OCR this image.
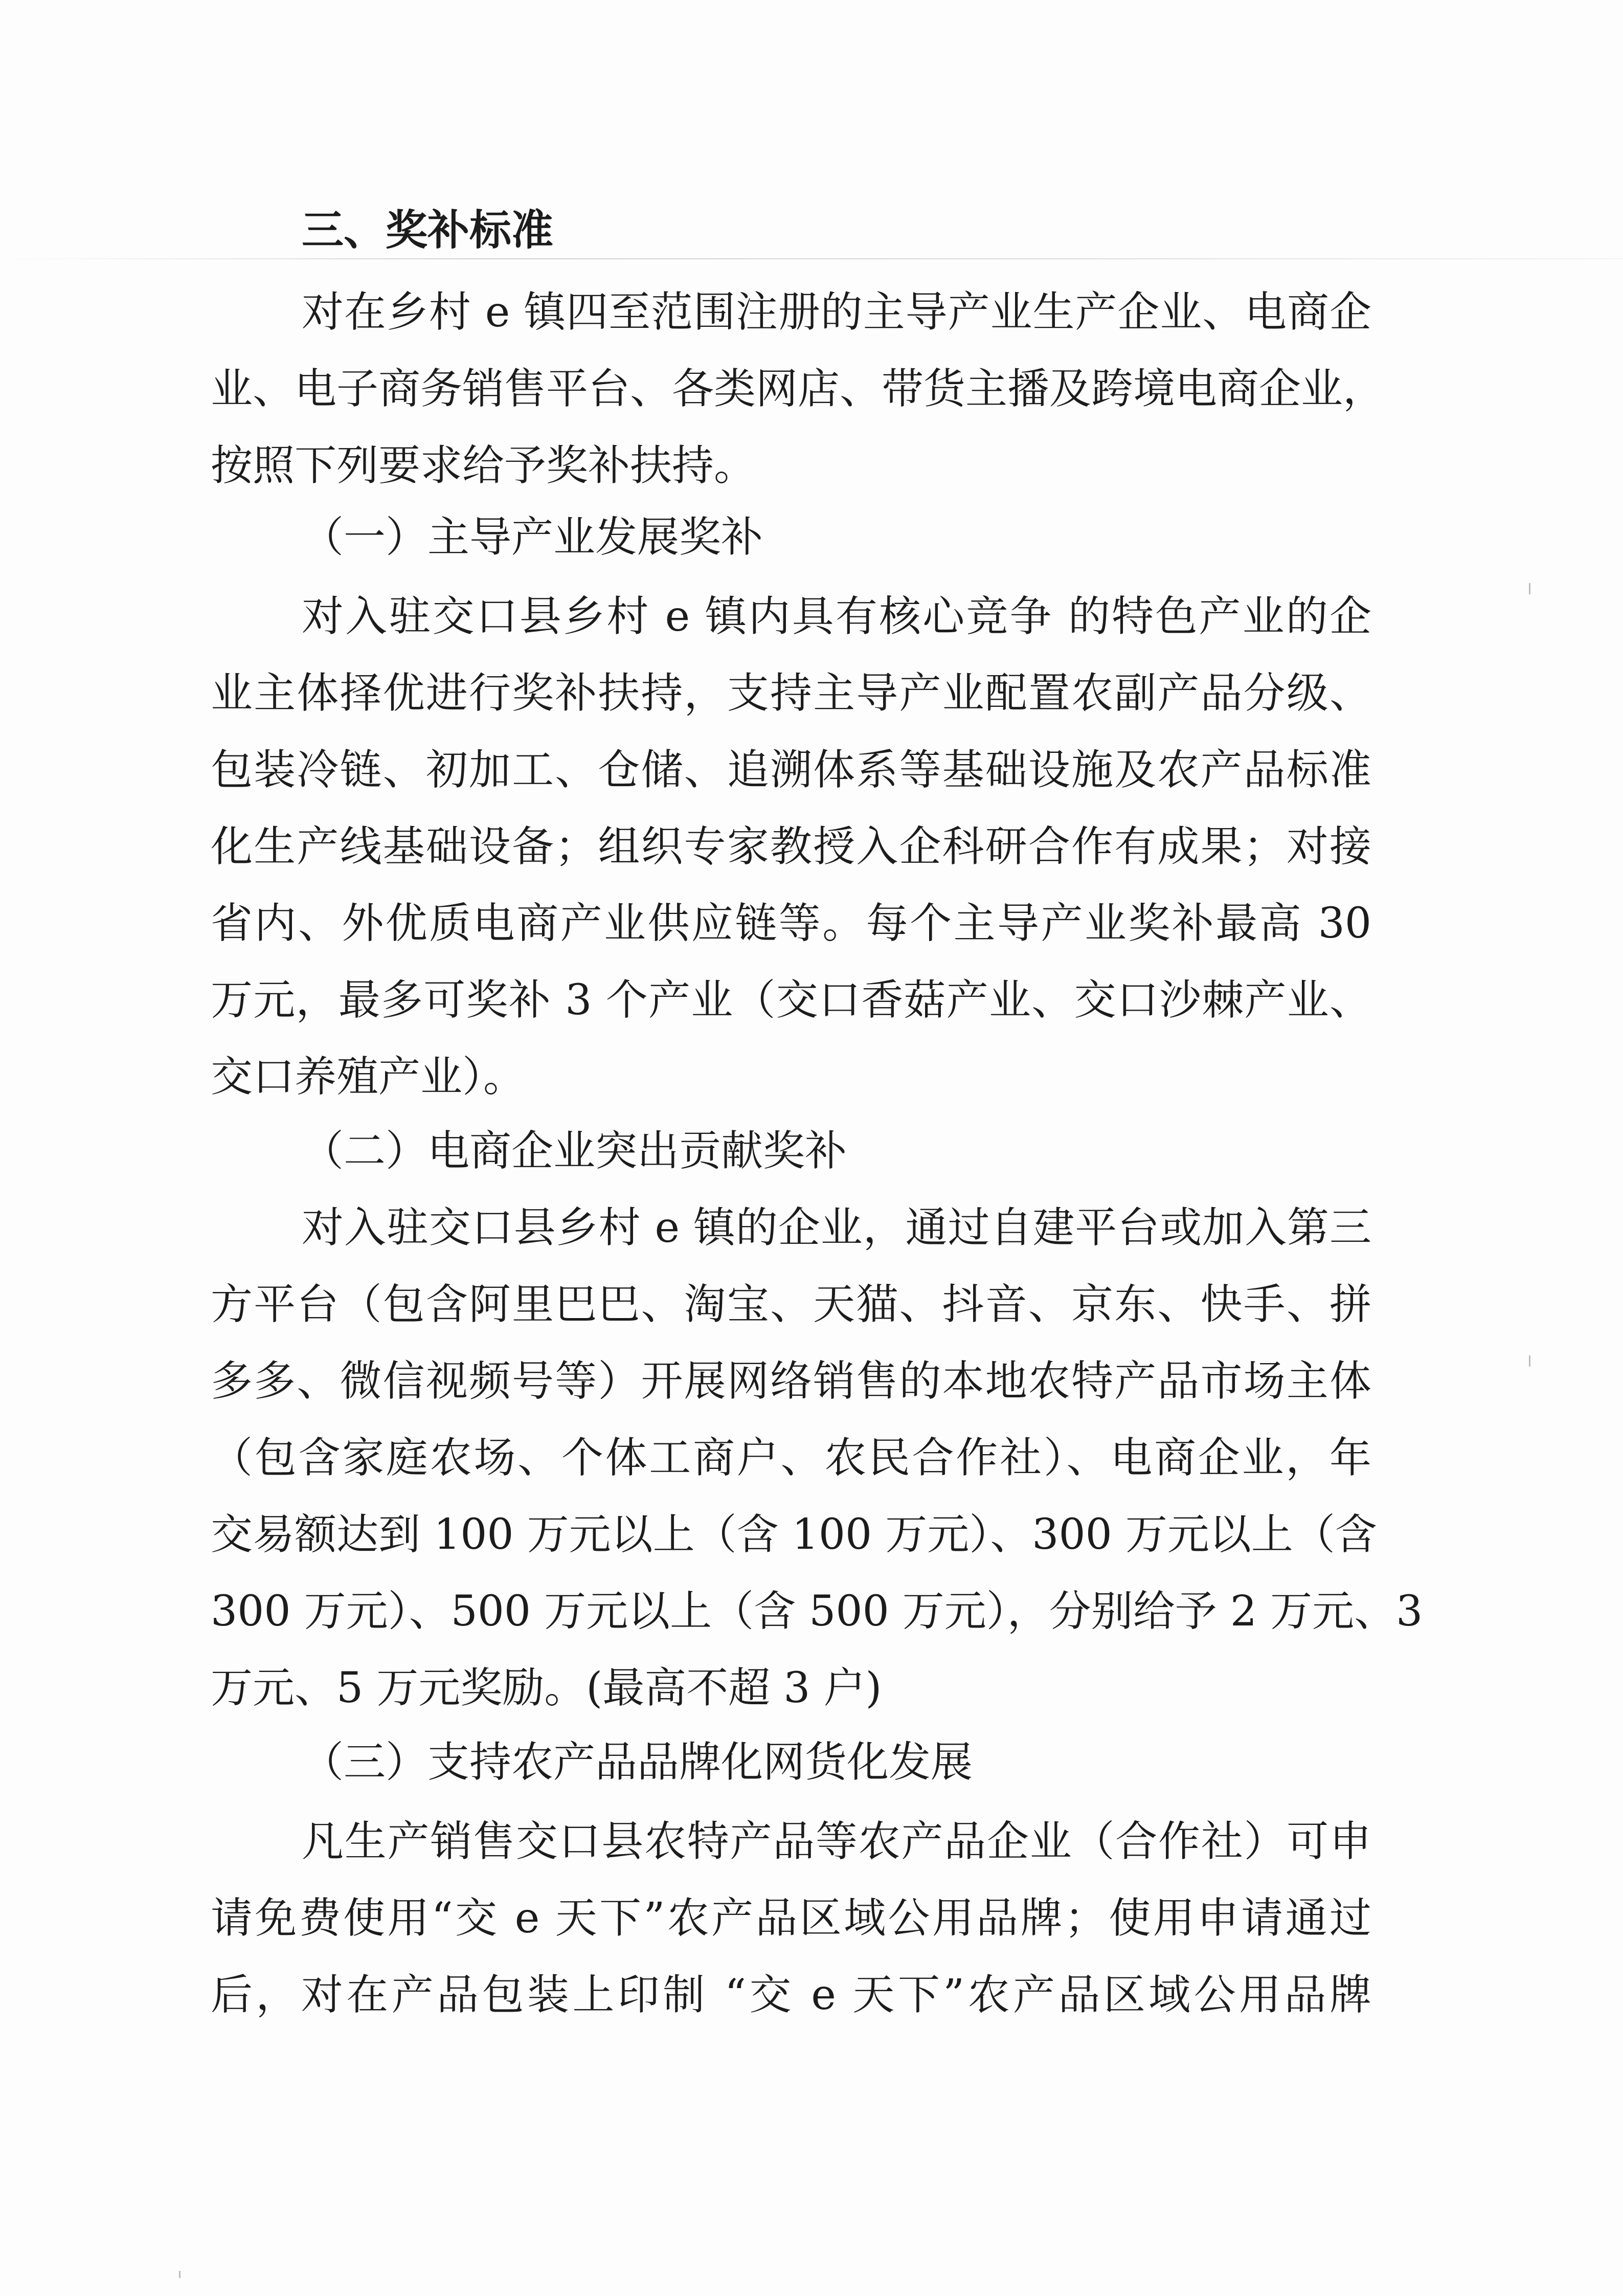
三、奖补标准
对在乡村 e 镇四至范围注册的主导产业生产企业、电商企
业、电子商务销售平台、各类网店、带货主播及跨境电商企业，
按照下列要求给予奖补扶持。
（一）主导产业发展奖补
对入驻交口县乡村 e 镇内具有核心竞争 的特色产业的企
业主体择优进行奖补扶持，支持主导产业配置农副产品分级、
包装冷链、初加工、仓储、追溯体系等基础设施及农产品标准
化生产线基础设备；组织专家教授入企科研合作有成果；对接
省内、外优质电商产业供应链等。每个主导产业奖补最高 30
万元，最多可奖补 3 个产业（交口香菇产业、交口沙棘产业、
交口养殖产业）。
（二）电商企业突出贡献奖补
对入驻交口县乡村 e 镇的企业，通过自建平台或加入第三
方平台（包含阿里巴巴、淘宝、天猫、抖音、京东、快手、拼
多多、微信视频号等）开展网络销售的本地农特产品市场主体
（包含家庭农场、个体工商户、农民合作社）、电商企业，年
交易额达到 100 万元以上（含 100 万元）、300 万元以上（含
300 万元）、500 万元以上（含 500 万元），分别给予 2 万元、3
万元、5 万元奖励。(最高不超 3 户)
（三）支持农产品品牌化网货化发展
凡生产销售交口县农特产品等农产品企业（合作社）可申
请免费使用“交 e 天下”农产品区域公用品牌；使用申请通过
后，对在产品包装上印制 “交 e 天下”农产品区域公用品牌
